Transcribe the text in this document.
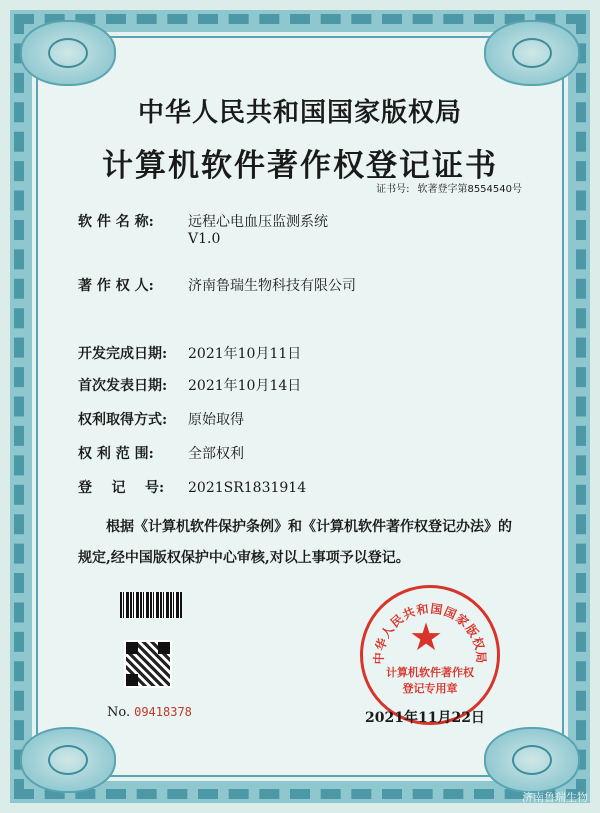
中华人民共和国国家版权局
计算机软件著作权登记证书
证书号: 软著登字第8554540号
软 件 名 称: 远程心电血压监测系统
V1.0
著 作 权 人: 济南鲁瑞生物科技有限公司
开发完成日期: 2021年10月11日
首次发表日期: 2021年10月14日
权利取得方式: 原始取得
权 利 范 围: 全部权利
登    记    号: 2021SR1831914
根据《计算机软件保护条例》和《计算机软件著作权登记办法》的
规定,经中国版权保护中心审核,对以上事项予以登记。
No. 09418378
中华人民共和国国家版权局
★
计算机软件著作权
登记专用章
2021年11月22日
济南鲁瑞生物
